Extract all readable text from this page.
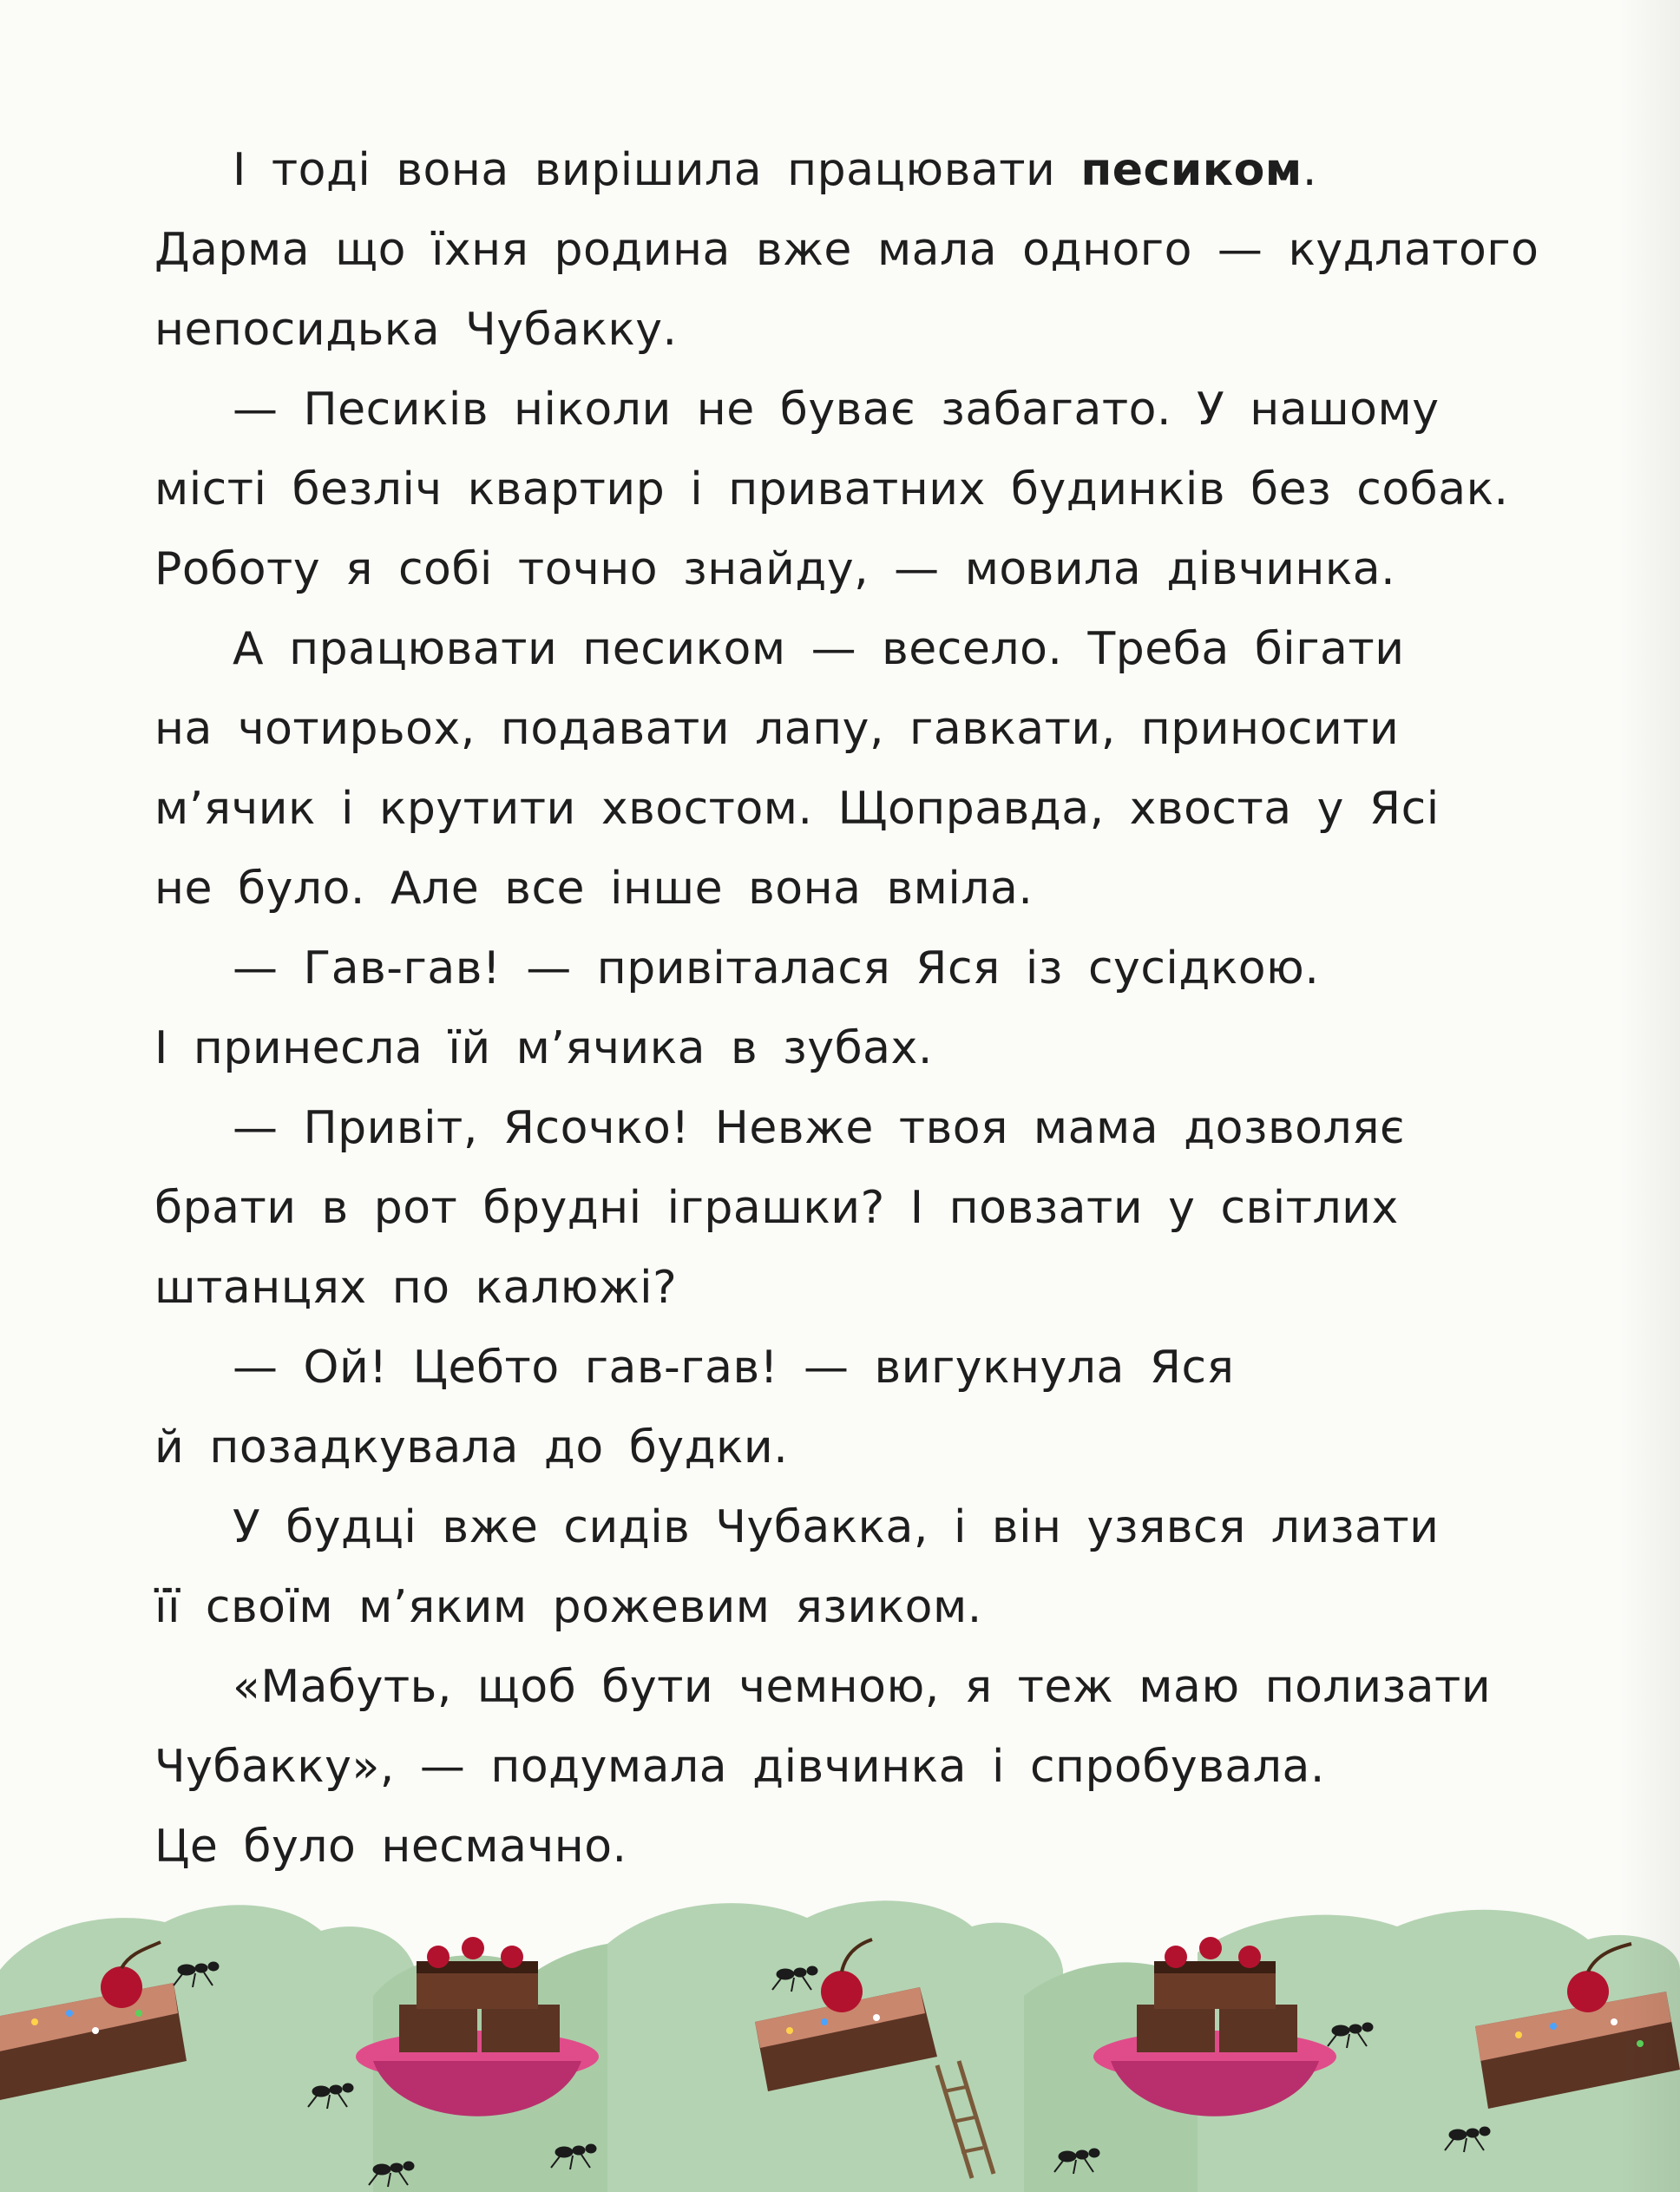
І тоді вона вирішила працювати песиком.
Дарма що їхня родина вже мала одного — кудлатого
непосидька Чубакку.
— Песиків ніколи не буває забагато. У нашому
місті безліч квартир і приватних будинків без собак.
Роботу я собі точно знайду, — мовила дівчинка.
А працювати песиком — весело. Треба бігати
на чотирьох, подавати лапу, гавкати, приносити
м’ячик і крутити хвостом. Щоправда, хвоста у Ясі
не було. Але все інше вона вміла.
— Гав-гав! — привіталася Яся із сусідкою.
І принесла їй м’ячика в зубах.
— Привіт, Ясочко! Невже твоя мама дозволяє
брати в рот брудні іграшки? І повзати у світлих
штанцях по калюжі?
— Ой! Цебто гав-гав! — вигукнула Яся
й позадкувала до будки.
У будці вже сидів Чубакка, і він узявся лизати
її своїм м’яким рожевим язиком.
«Мабуть, щоб бути чемною, я теж маю полизати
Чубакку», — подумала дівчинка і спробувала.
Це було несмачно.
